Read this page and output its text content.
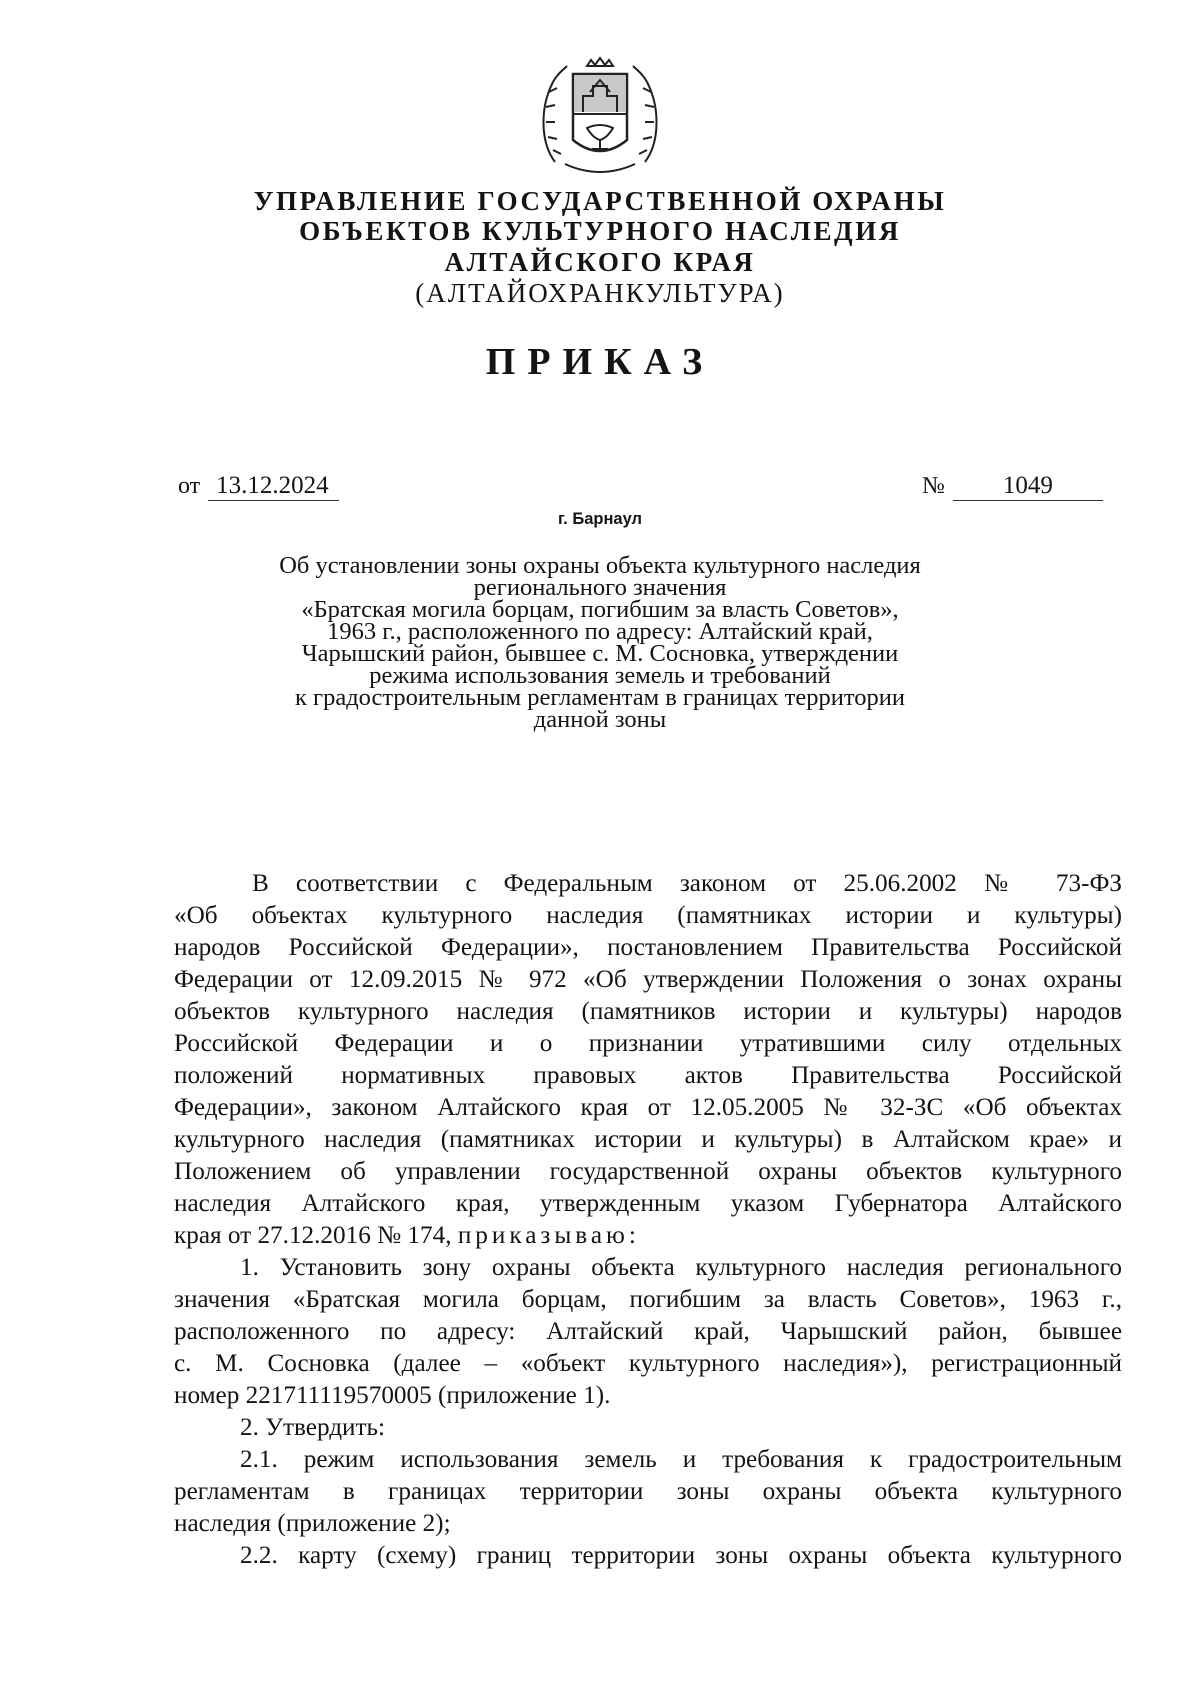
УПРАВЛЕНИЕ ГОСУДАРСТВЕННОЙ ОХРАНЫ
ОБЪЕКТОВ КУЛЬТУРНОГО НАСЛЕДИЯ
АЛТАЙСКОГО КРАЯ
(АЛТАЙОХРАНКУЛЬТУРА)
ПРИКАЗ
от 13.12.2024	№ 1049
г. Барнаул
Об установлении зоны охраны объекта культурного наследия
регионального значения
«Братская могила борцам, погибшим за власть Советов»,
1963 г., расположенного по адресу: Алтайский край,
Чарышский район, бывшее с. М. Сосновка, утверждении
режима использования земель и требований
к градостроительным регламентам в границах территории
данной зоны
В соответствии с Федеральным законом от 25.06.2002 № 73-ФЗ
«Об объектах культурного наследия (памятниках истории и культуры)
народов Российской Федерации», постановлением Правительства Российской
Федерации от 12.09.2015 № 972 «Об утверждении Положения о зонах охраны
объектов культурного наследия (памятников истории и культуры) народов
Российской Федерации и о признании утратившими силу отдельных
положений нормативных правовых актов Правительства Российской
Федерации», законом Алтайского края от 12.05.2005 № 32-ЗС «Об объектах
культурного наследия (памятниках истории и культуры) в Алтайском крае» и
Положением об управлении государственной охраны объектов культурного
наследия Алтайского края, утвержденным указом Губернатора Алтайского
края от 27.12.2016 № 174, приказываю:
1. Установить зону охраны объекта культурного наследия регионального
значения «Братская могила борцам, погибшим за власть Советов», 1963 г.,
расположенного по адресу: Алтайский край, Чарышский район, бывшее
с. М. Сосновка (далее – «объект культурного наследия»), регистрационный
номер 221711119570005 (приложение 1).
2. Утвердить:
2.1. режим использования земель и требования к градостроительным
регламентам в границах территории зоны охраны объекта культурного
наследия (приложение 2);
2.2. карту (схему) границ территории зоны охраны объекта культурного
